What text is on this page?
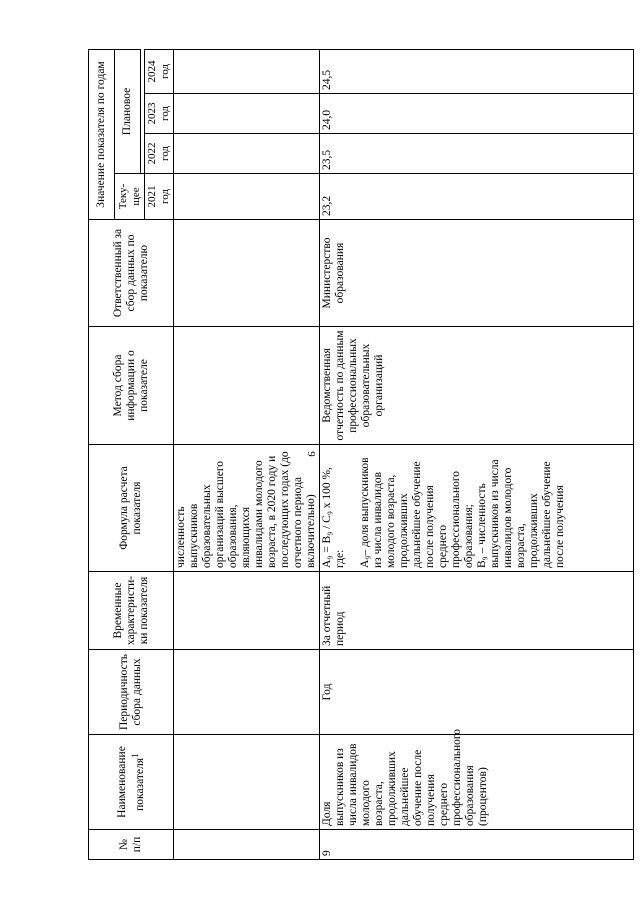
9
№ п/п	Наименование показателя$^1$	Периодичность сбора данных	Временные характеристи-ки показателя	Формула расчета показателя	Метод сбора информации о показателе	Ответственный за сбор данных по показателю	Значение показателя по годам			
							Теку-щее	Плановое		

							2021 год	2022 год	2023 год	2024 год
				численность выпускников образовательных организаций высшего образования, являющихся инвалидами молодого возраста, в 2020 году и последующих годах (до отчетного периода включительно)						
9	Доля выпускников из числа инвалидов молодого возраста, продолживших дальнейшее обучение после получения среднего профессионального образования (процентов)	Год	За отчетный период	A₉ = B₉ / C₉ x 100 %, где: A₉– доля выпускников из числа инвалидов молодого возраста, продолживших дальнейшее обучение после получения среднего профессионального образования; B₉ – численность выпускников из числа инвалидов молодого возраста, продолживших дальнейшее обучение после получения	Ведомственная отчетность по данным профессиональных образовательных организаций	Министерство образования	23,2	23,5	24,0	24,5
